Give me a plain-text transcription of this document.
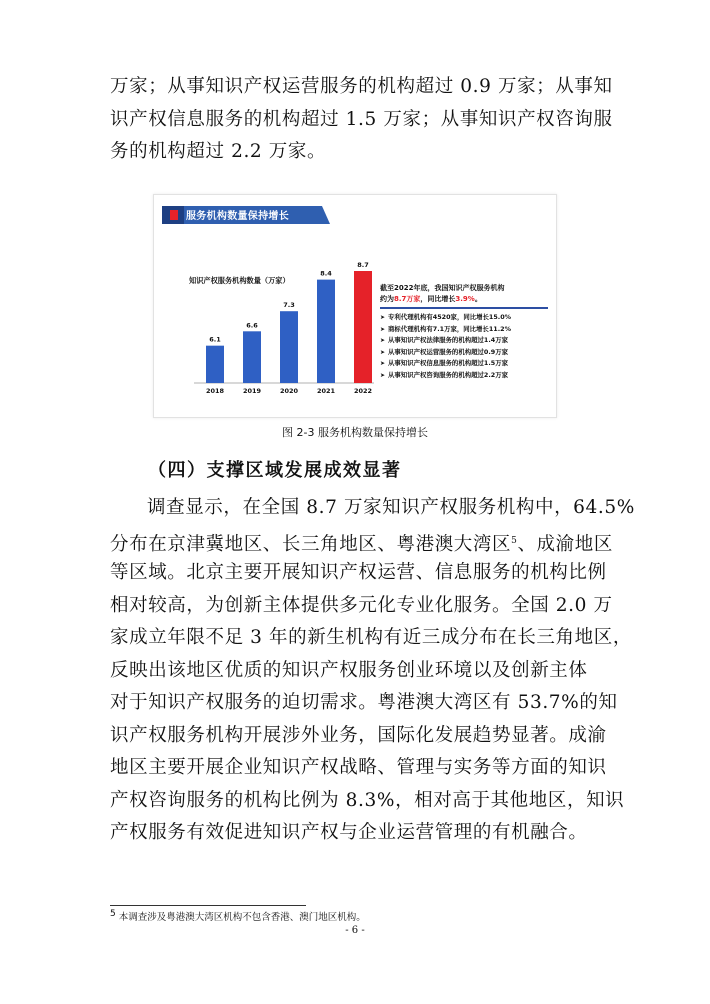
万家；从事知识产权运营服务的机构超过 0.9 万家；从事知
识产权信息服务的机构超过 1.5 万家；从事知识产权咨询服
务的机构超过 2.2 万家。
服务机构数量保持增长
知识产权服务机构数量（万家）
6.1
2018
6.6
2019
7.3
2020
8.4
2021
8.7
2022
截至2022年底，我国知识产权服务机构
约为8.7万家，同比增长3.9%。
➤ 专利代理机构有4520家，同比增长15.0%
➤ 商标代理机构有7.1万家，同比增长11.2%
➤ 从事知识产权法律服务的机构超过1.4万家
➤ 从事知识产权运营服务的机构超过0.9万家
➤ 从事知识产权信息服务的机构超过1.5万家
➤ 从事知识产权咨询服务的机构超过2.2万家
图 2-3 服务机构数量保持增长
（四）支撑区域发展成效显著
调查显示，在全国 8.7 万家知识产权服务机构中，64.5%
分布在京津冀地区、长三角地区、粤港澳大湾区$^5$、成渝地区
等区域。北京主要开展知识产权运营、信息服务的机构比例
相对较高，为创新主体提供多元化专业化服务。全国 2.0 万
家成立年限不足 3 年的新生机构有近三成分布在长三角地区，
反映出该地区优质的知识产权服务创业环境以及创新主体
对于知识产权服务的迫切需求。粤港澳大湾区有 53.7%的知
识产权服务机构开展涉外业务，国际化发展趋势显著。成渝
地区主要开展企业知识产权战略、管理与实务等方面的知识
产权咨询服务的机构比例为 8.3%，相对高于其他地区，知识
产权服务有效促进知识产权与企业运营管理的有机融合。
$^5$ 本调查涉及粤港澳大湾区机构不包含香港、澳门地区机构。
- 6 -
